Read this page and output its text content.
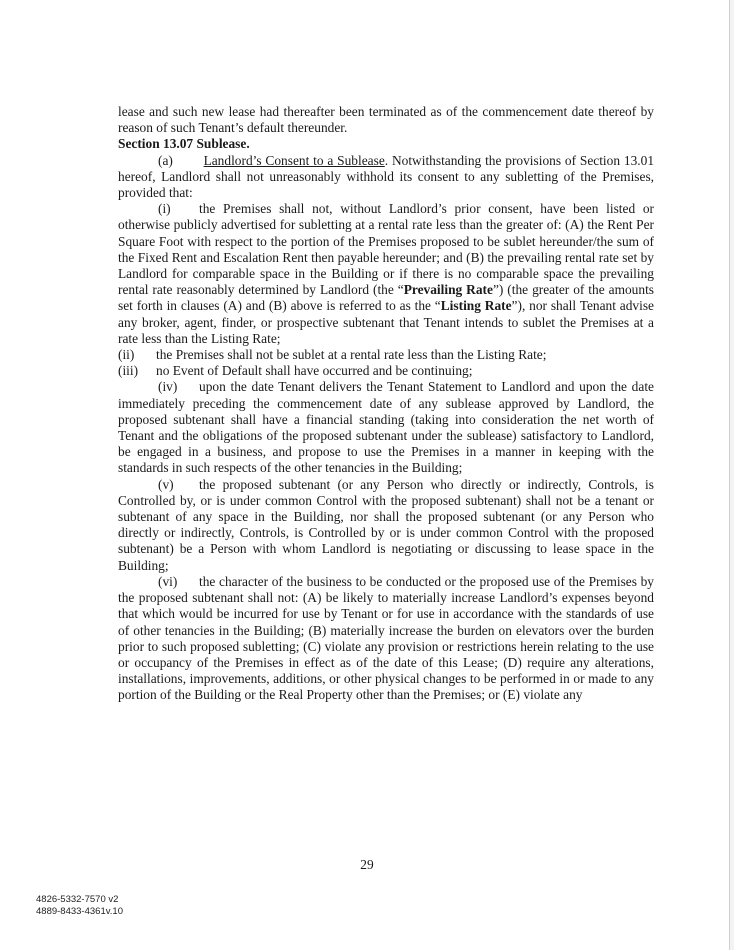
lease and such new lease had thereafter been terminated as of the commencement date thereof by reason of such Tenant’s default thereunder.

Section 13.07 Sublease.

(a) Landlord’s Consent to a Sublease. Notwithstanding the provisions of Section 13.01 hereof, Landlord shall not unreasonably withhold its consent to any subletting of the Premises, provided that:

(i) the Premises shall not, without Landlord’s prior consent, have been listed or otherwise publicly advertised for subletting at a rental rate less than the greater of: (A) the Rent Per Square Foot with respect to the portion of the Premises proposed to be sublet hereunder/the sum of the Fixed Rent and Escalation Rent then payable hereunder; and (B) the prevailing rental rate set by Landlord for comparable space in the Building or if there is no comparable space the prevailing rental rate reasonably determined by Landlord (the “Prevailing Rate”) (the greater of the amounts set forth in clauses (A) and (B) above is referred to as the “Listing Rate”), nor shall Tenant advise any broker, agent, finder, or prospective subtenant that Tenant intends to sublet the Premises at a rate less than the Listing Rate;

(ii) the Premises shall not be sublet at a rental rate less than the Listing Rate;

(iii) no Event of Default shall have occurred and be continuing;

(iv) upon the date Tenant delivers the Tenant Statement to Landlord and upon the date immediately preceding the commencement date of any sublease approved by Landlord, the proposed subtenant shall have a financial standing (taking into consideration the net worth of Tenant and the obligations of the proposed subtenant under the sublease) satisfactory to Landlord, be engaged in a business, and propose to use the Premises in a manner in keeping with the standards in such respects of the other tenancies in the Building;

(v) the proposed subtenant (or any Person who directly or indirectly, Controls, is Controlled by, or is under common Control with the proposed subtenant) shall not be a tenant or subtenant of any space in the Building, nor shall the proposed subtenant (or any Person who directly or indirectly, Controls, is Controlled by or is under common Control with the proposed subtenant) be a Person with whom Landlord is negotiating or discussing to lease space in the Building;

(vi) the character of the business to be conducted or the proposed use of the Premises by the proposed subtenant shall not: (A) be likely to materially increase Landlord’s expenses beyond that which would be incurred for use by Tenant or for use in accordance with the standards of use of other tenancies in the Building; (B) materially increase the burden on elevators over the burden prior to such proposed subletting; (C) violate any provision or restrictions herein relating to the use or occupancy of the Premises in effect as of the date of this Lease; (D) require any alterations, installations, improvements, additions, or other physical changes to be performed in or made to any portion of the Building or the Real Property other than the Premises; or (E) violate any

29
4826-5332-7570 v2
4889-8433-4361v.10
